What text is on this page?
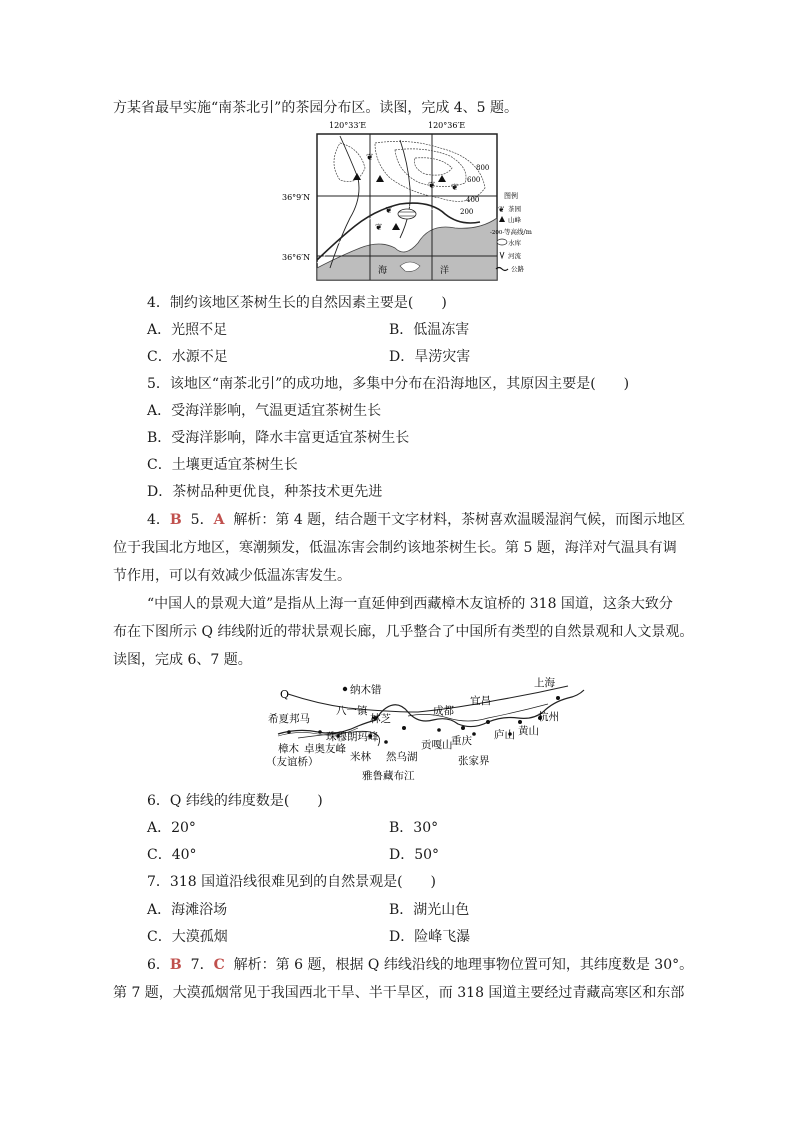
方某省最早实施“南茶北引”的茶园分布区。读图，完成 4、5 题。
120°33′E	120°36′E
36°9′N
36°6′N
海	洋
800
600
400
200
❦
❦
❦
❦
❦
图例
❦ 茶园
山峰
-200- 等高线/m
水库
河流
公路
4．制约该地区茶树生长的自然因素主要是(　　)
A．光照不足	B．低温冻害
C．水源不足	D．旱涝灾害
5．该地区“南茶北引”的成功地，多集中分布在沿海地区，其原因主要是(　　)
A．受海洋影响，气温更适宜茶树生长
B．受海洋影响，降水丰富更适宜茶树生长
C．土壤更适宜茶树生长
D．茶树品种更优良，种茶技术更先进
4．B 5．A 解析：第 4 题，结合题干文字材料，茶树喜欢温暖湿润气候，而图示地区
位于我国北方地区，寒潮频发，低温冻害会制约该地茶树生长。第 5 题，海洋对气温具有调
节作用，可以有效减少低温冻害发生。
“中国人的景观大道”是指从上海一直延伸到西藏樟木友谊桥的 318 国道，这条大致分
布在下图所示 Q 纬线附近的带状景观长廊，几乎整合了中国所有类型的自然景观和人文景观。
读图，完成 6、7 题。
Q	纳木错
上海
八一镇
希夏邦马	林芝
成都
宜昌
杭州
珠穆朗玛峰	黄山
樟木
（友谊桥）
卓奥友峰
庐山
重庆
贡嘎山
米林 然乌湖	张家界
雅鲁藏布江
6．Q 纬线的纬度数是(　　)
A．20°	B．30°
C．40°	D．50°
7．318 国道沿线很难见到的自然景观是(　　)
A．海滩浴场	B．湖光山色
C．大漠孤烟	D．险峰飞瀑
6．B 7．C 解析：第 6 题，根据 Q 纬线沿线的地理事物位置可知，其纬度数是 30°。
第 7 题，大漠孤烟常见于我国西北干旱、半干旱区，而 318 国道主要经过青藏高寒区和东部
